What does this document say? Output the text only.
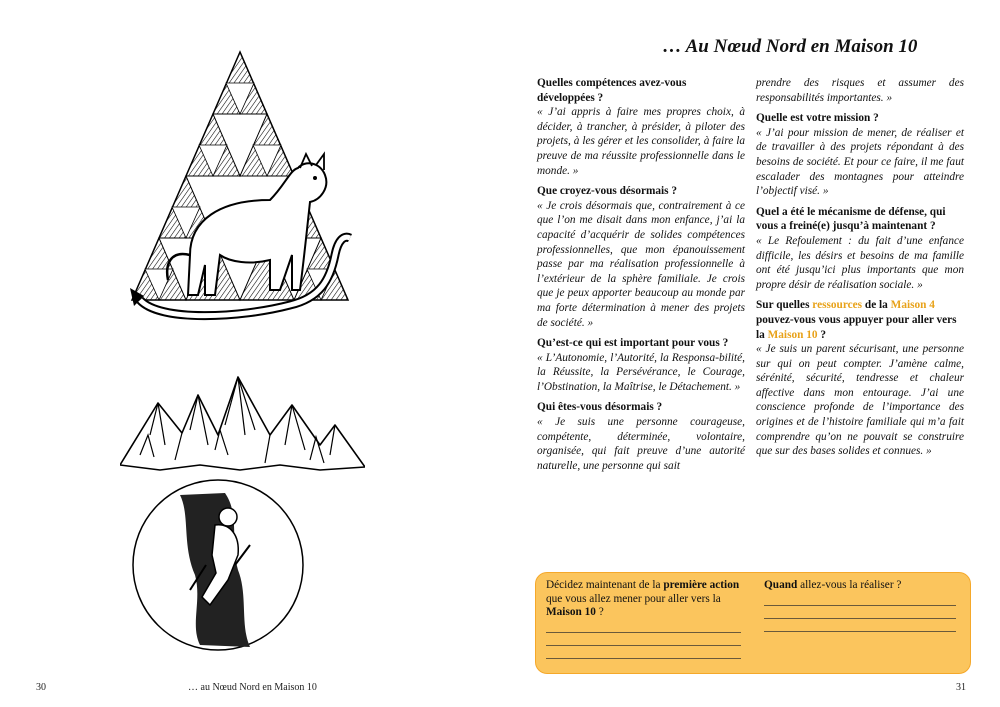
30	… au Nœud Nord en Maison 10
… Au Nœud Nord en Maison 10

Quelles compétences avez-vous développées ?
« J’ai appris à faire mes propres choix, à décider, à trancher, à présider, à piloter des projets, à les gérer et les consolider, à faire la preuve de ma réussite professionnelle dans le monde. »

Que croyez-vous désormais ?
« Je crois désormais que, contrairement à ce que l’on me disait dans mon enfance, j’ai la capacité d’acquérir de solides compétences professionnelles, que mon épanouissement passe par ma réalisation professionnelle à l’extérieur de la sphère familiale. Je crois que je peux apporter beaucoup au monde par ma forte détermination à mener des projets de société. »

Qu’est-ce qui est important pour vous ?
« L’Autonomie, l’Autorité, la Responsa-bilité, la Réussite, la Persévérance, le Courage, l’Obstination, la Maîtrise, le Détachement. »

Qui êtes-vous désormais ?
« Je suis une personne courageuse, compétente, déterminée, volontaire, organisée, qui fait preuve d’une autorité naturelle, une personne qui sait

prendre des risques et assumer des responsabilités importantes. »

Quelle est votre mission ?
« J’ai pour mission de mener, de réaliser et de travailler à des projets répondant à des besoins de société. Et pour ce faire, il me faut escalader des montagnes pour atteindre l’objectif visé. »

Quel a été le mécanisme de défense, qui vous a freiné(e) jusqu’à maintenant ?
« Le Refoulement : du fait d’une enfance difficile, les désirs et besoins de ma famille ont été jusqu’ici plus importants que mon propre désir de réalisation sociale. »

Sur quelles ressources de la Maison 4 pouvez-vous vous appuyer pour aller vers la Maison 10 ?
« Je suis un parent sécurisant, une personne sur qui on peut compter. J’amène calme, sérénité, sécurité, tendresse et chaleur affective dans mon entourage. J’ai une conscience profonde de l’importance des origines et de l’histoire familiale qui m’a fait comprendre qu’on ne pouvait se construire que sur des bases solides et connues. »

Décidez maintenant de la première action que vous allez mener pour aller vers la Maison 10 ?
Quand allez-vous la réaliser ?
31
